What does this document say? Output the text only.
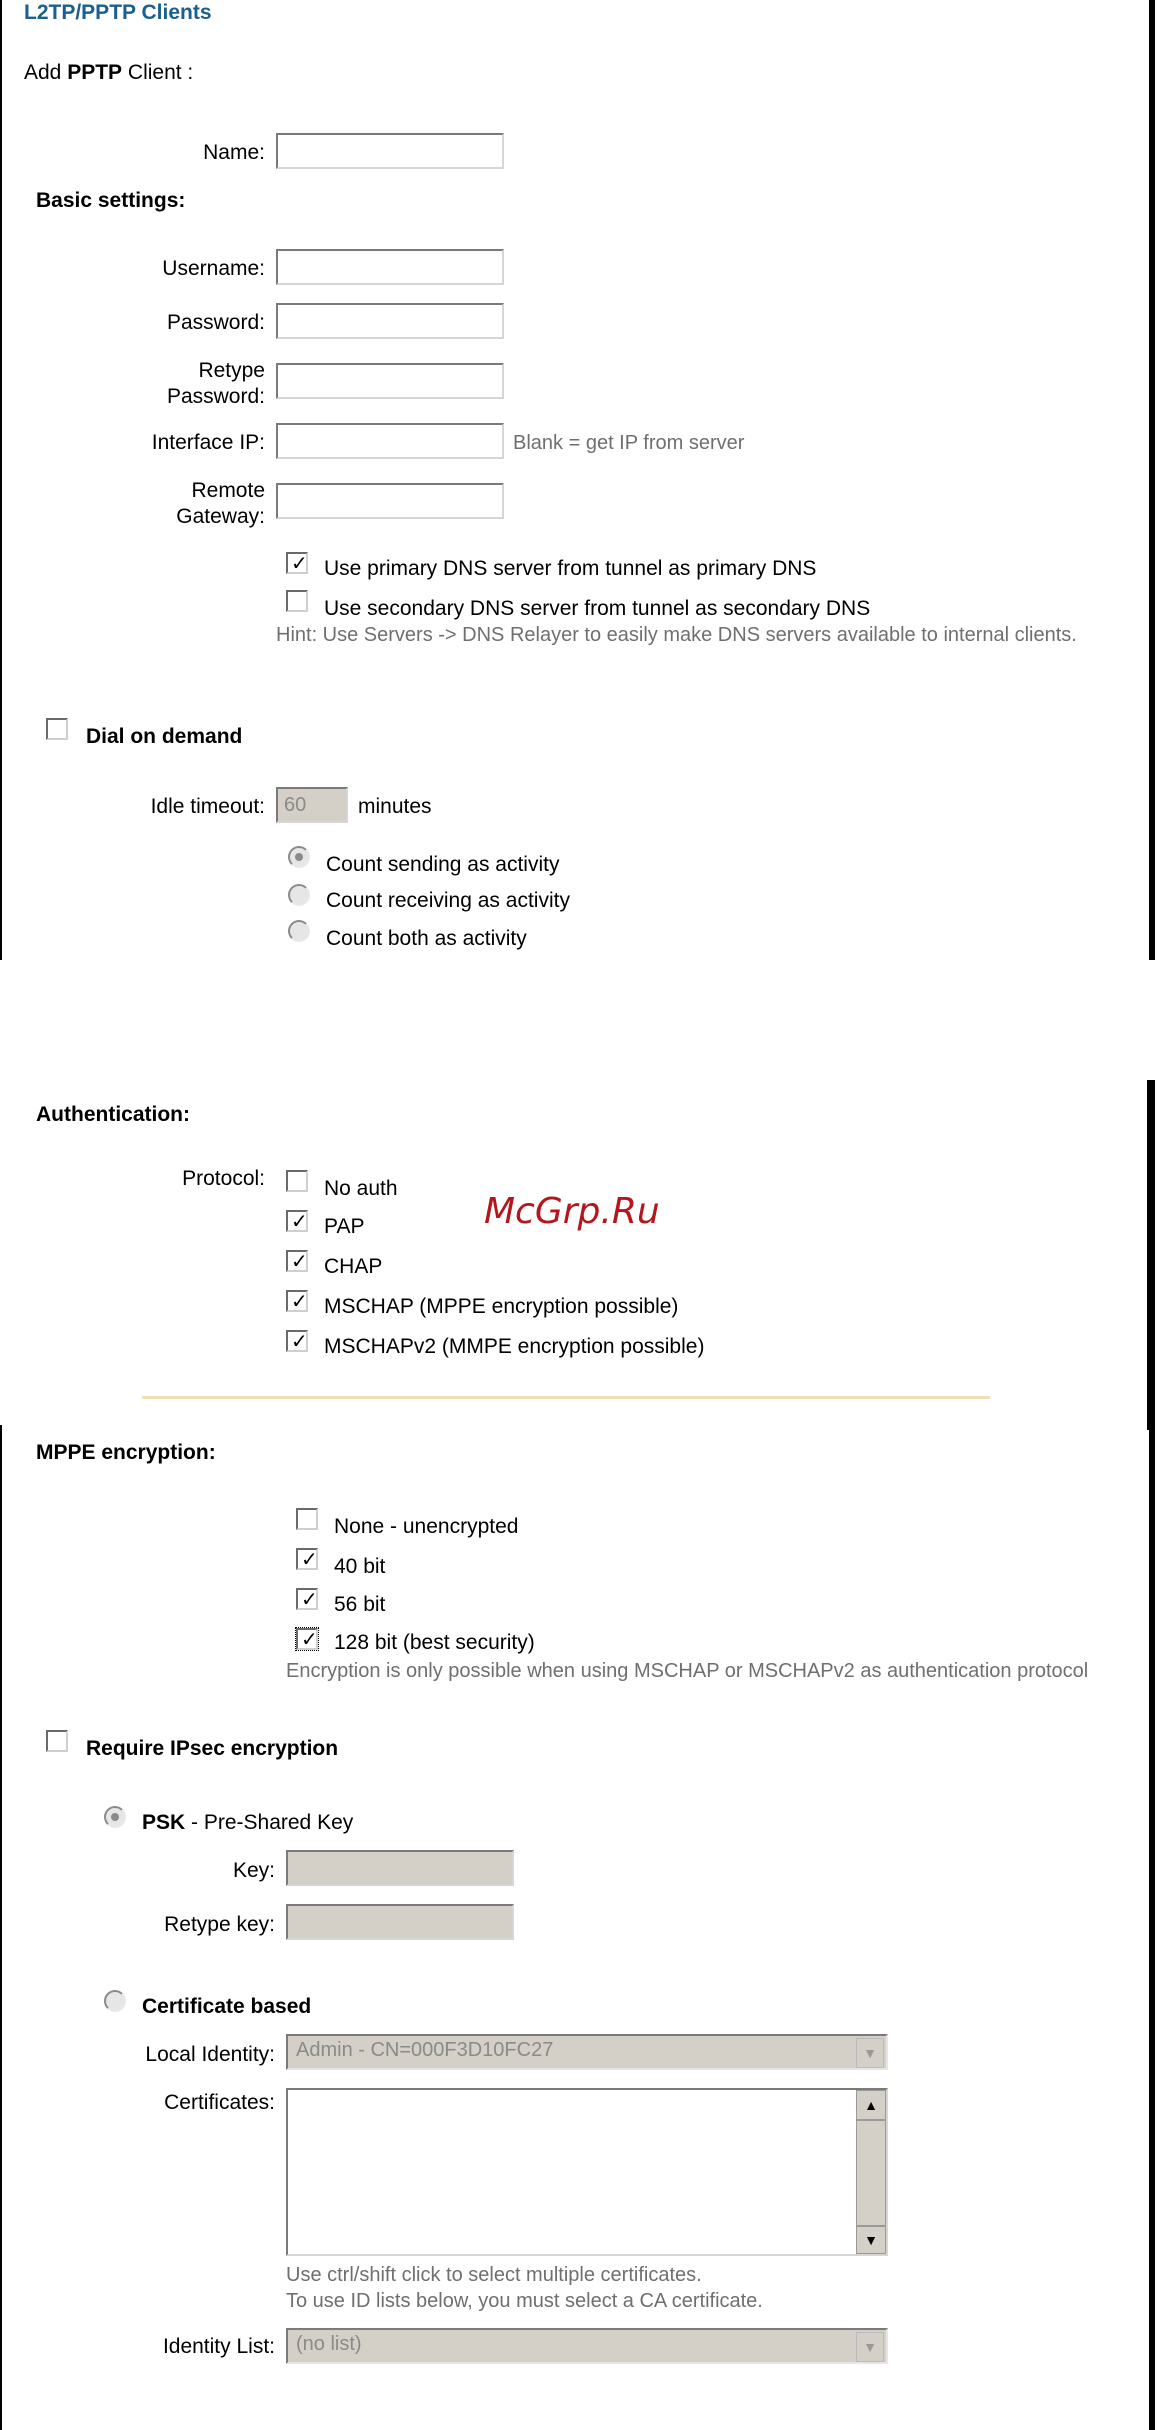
L2TP/PPTP Clients
Add PPTP Client :
Name:
Basic settings:
Username:
Password:
Retype
Password:
Interface IP:	Blank = get IP from server
Remote
Gateway:
✓ Use primary DNS server from tunnel as primary DNS
Use secondary DNS server from tunnel as secondary DNS
Hint: Use Servers -> DNS Relayer to easily make DNS servers available to internal clients.
Dial on demand
Idle timeout:
60	minutes
Count sending as activity
Count receiving as activity
Count both as activity
Authentication:
Protocol:	No auth
✓ PAP
✓ CHAP
✓ MSCHAP (MPPE encryption possible)
✓ MSCHAPv2 (MMPE encryption possible)
McGrp.Ru
MPPE encryption:
None - unencrypted
✓ 40 bit
✓ 56 bit
✓ 128 bit (best security)
Encryption is only possible when using MSCHAP or MSCHAPv2 as authentication protocol
Require IPsec encryption
PSK - Pre-Shared Key
Key:
Retype key:
Certificate based
Local Identity:	Admin - CN=000F3D10FC27	▼
Certificates:	▲
▼
Use ctrl/shift click to select multiple certificates.
To use ID lists below, you must select a CA certificate.
Identity List:	(no list)	▼
